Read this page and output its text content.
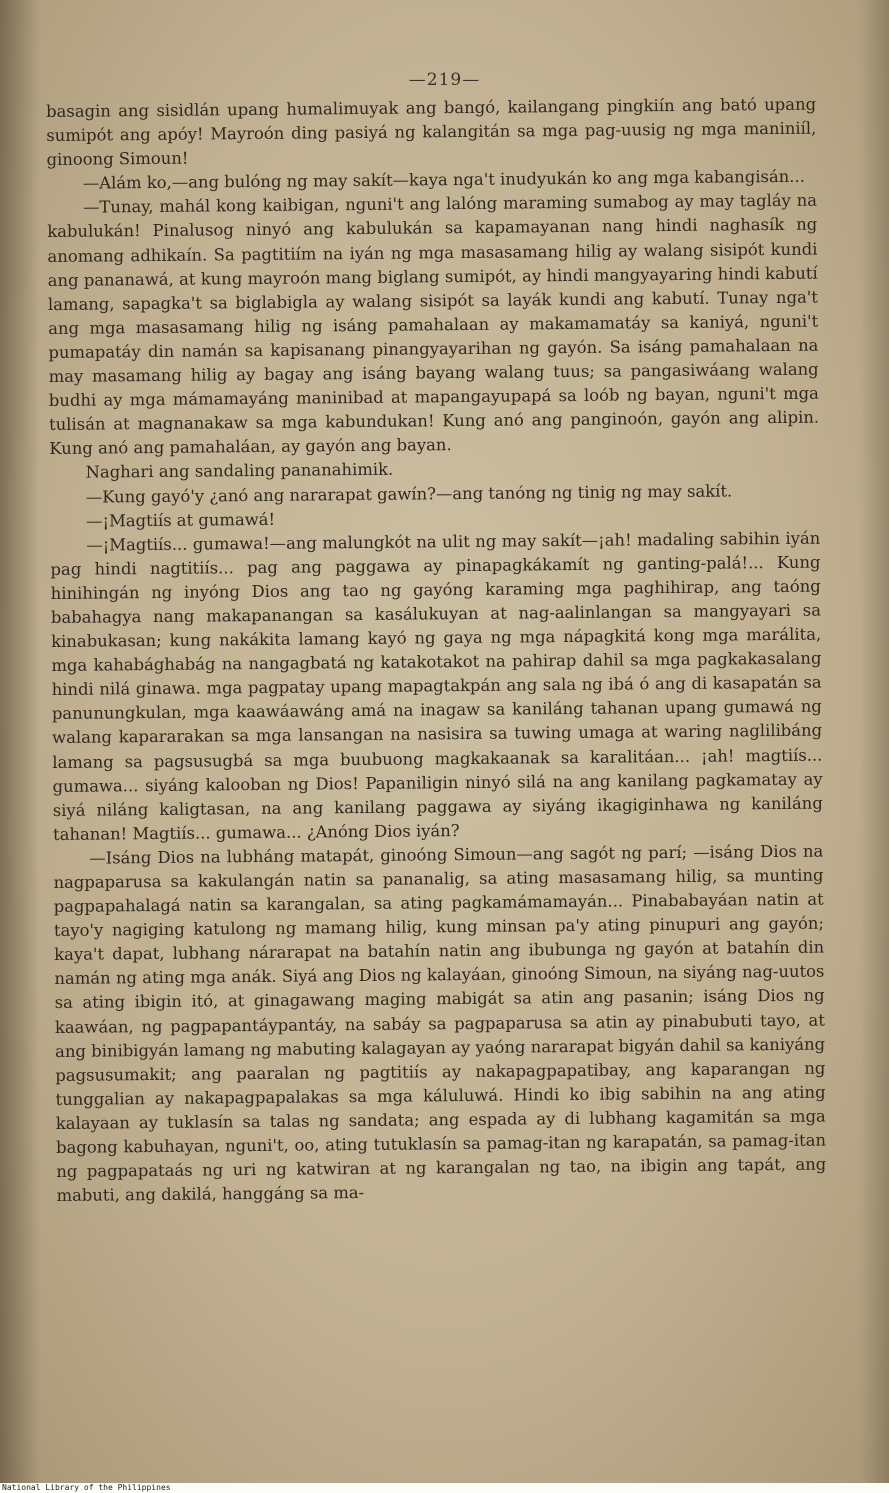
—219—

basagin ang sisidlán upang humalimuyak ang bangó, kailangang pingkiín ang bató upang sumipót ang apóy! Mayroón ding pasiyá ng kalangitán sa mga pag-uusig ng mga maniniíl, ginoong Simoun!

—Alám ko,—ang bulóng ng may sakít—kaya nga't inudyukán ko ang mga kabangisán...

—Tunay, mahál kong kaibigan, nguni't ang lalóng maraming sumabog ay may tagláy na kabulukán! Pinalusog ninyó ang kabulukán sa kapamayanan nang hindi naghasík ng anomang adhikaín. Sa pagtitiím na iyán ng mga masasamang hilig ay walang sisipót kundi ang pananawá, at kung mayroón mang biglang sumipót, ay hindi mangyayaring hindi kabutí lamang, sapagka't sa biglabigla ay walang sisipót sa layák kundi ang kabutí. Tunay nga't ang mga masasamang hilig ng isáng pamahalaan ay makamamatáy sa kaniyá, nguni't pumapatáy din namán sa kapisanang pinangyayarihan ng gayón. Sa isáng pamahalaan na may masamang hilig ay bagay ang isáng bayang walang tuus; sa pangasiwáang walang budhi ay mga mámamayáng maninibad at mapangayupapá sa loób ng bayan, nguni't mga tulisán at magnanakaw sa mga kabundukan! Kung anó ang panginoón, gayón ang alipin. Kung anó ang pamahaláan, ay gayón ang bayan.

Naghari ang sandaling pananahimik.

—Kung gayó'y ¿anó ang nararapat gawín?—ang tanóng ng tinig ng may sakít.

—¡Magtiís at gumawá!

—¡Magtiís... gumawa!—ang malungkót na ulit ng may sakít—¡ah! madaling sabihin iyán pag hindi nagtitiís... pag ang paggawa ay pinapagkákamít ng ganting-palá!... Kung hinihingán ng inyóng Dios ang tao ng gayóng karaming mga paghihirap, ang taóng babahagya nang makapanangan sa kasálukuyan at nag-aalinlangan sa mangyayari sa kinabukasan; kung nakákita lamang kayó ng gaya ng mga nápagkitá kong mga marálita, mga kahabághabág na nangagbatá ng katakotakot na pahirap dahil sa mga pagkakasalang hindi nilá ginawa. mga pagpatay upang mapagtakpán ang sala ng ibá ó ang di kasapatán sa panunungkulan, mga kaawáawáng amá na inagaw sa kaniláng tahanan upang gumawá ng walang kapararakan sa mga lansangan na nasisira sa tuwing umaga at waring naglilibáng lamang sa pagsusugbá sa mga buubuong magkakaanak sa karalitáan... ¡ah! magtiís... gumawa... siyáng kalooban ng Dios! Papaniligin ninyó silá na ang kanilang pagkamatay ay siyá niláng kaligtasan, na ang kanilang paggawa ay siyáng ikagiginhawa ng kaniláng tahanan! Magtiís... gumawa... ¿Anóng Dios iyán?

—Isáng Dios na lubháng matapát, ginoóng Simoun—ang sagót ng parí; —isáng Dios na nagpaparusa sa kakulangán natin sa pananalig, sa ating masasamang hilig, sa munting pagpapahalagá natin sa karangalan, sa ating pagkamámamayán... Pinababayáan natin at tayo'y nagiging katulong ng mamang hilig, kung minsan pa'y ating pinupuri ang gayón; kaya't dapat, lubhang nárarapat na batahín natin ang ibubunga ng gayón at batahín din namán ng ating mga anák. Siyá ang Dios ng kalayáan, ginoóng Simoun, na siyáng nag-uutos sa ating ibigin itó, at ginagawang maging mabigát sa atin ang pasanin; isáng Dios ng kaawáan, ng pagpapantáypantáy, na sabáy sa pagpaparusa sa atin ay pinabubuti tayo, at ang binibigyán lamang ng mabuting kalagayan ay yaóng nararapat bigyán dahil sa kaniyáng pagsusumakit; ang paaralan ng pagtitiís ay nakapagpapatibay, ang kaparangan ng tunggalian ay nakapagpapalakas sa mga káluluwá. Hindi ko ibig sabihin na ang ating kalayaan ay tuklasín sa talas ng sandata; ang espada ay di lubhang kagamitán sa mga bagong kabuhayan, nguni't, oo, ating tutuklasín sa pamag-itan ng karapatán, sa pamag-itan ng pagpapataás ng uri ng katwiran at ng karangalan ng tao, na ibigin ang tapát, ang mabuti, ang dakilá, hanggáng sa ma-

National Library of the Philippines
